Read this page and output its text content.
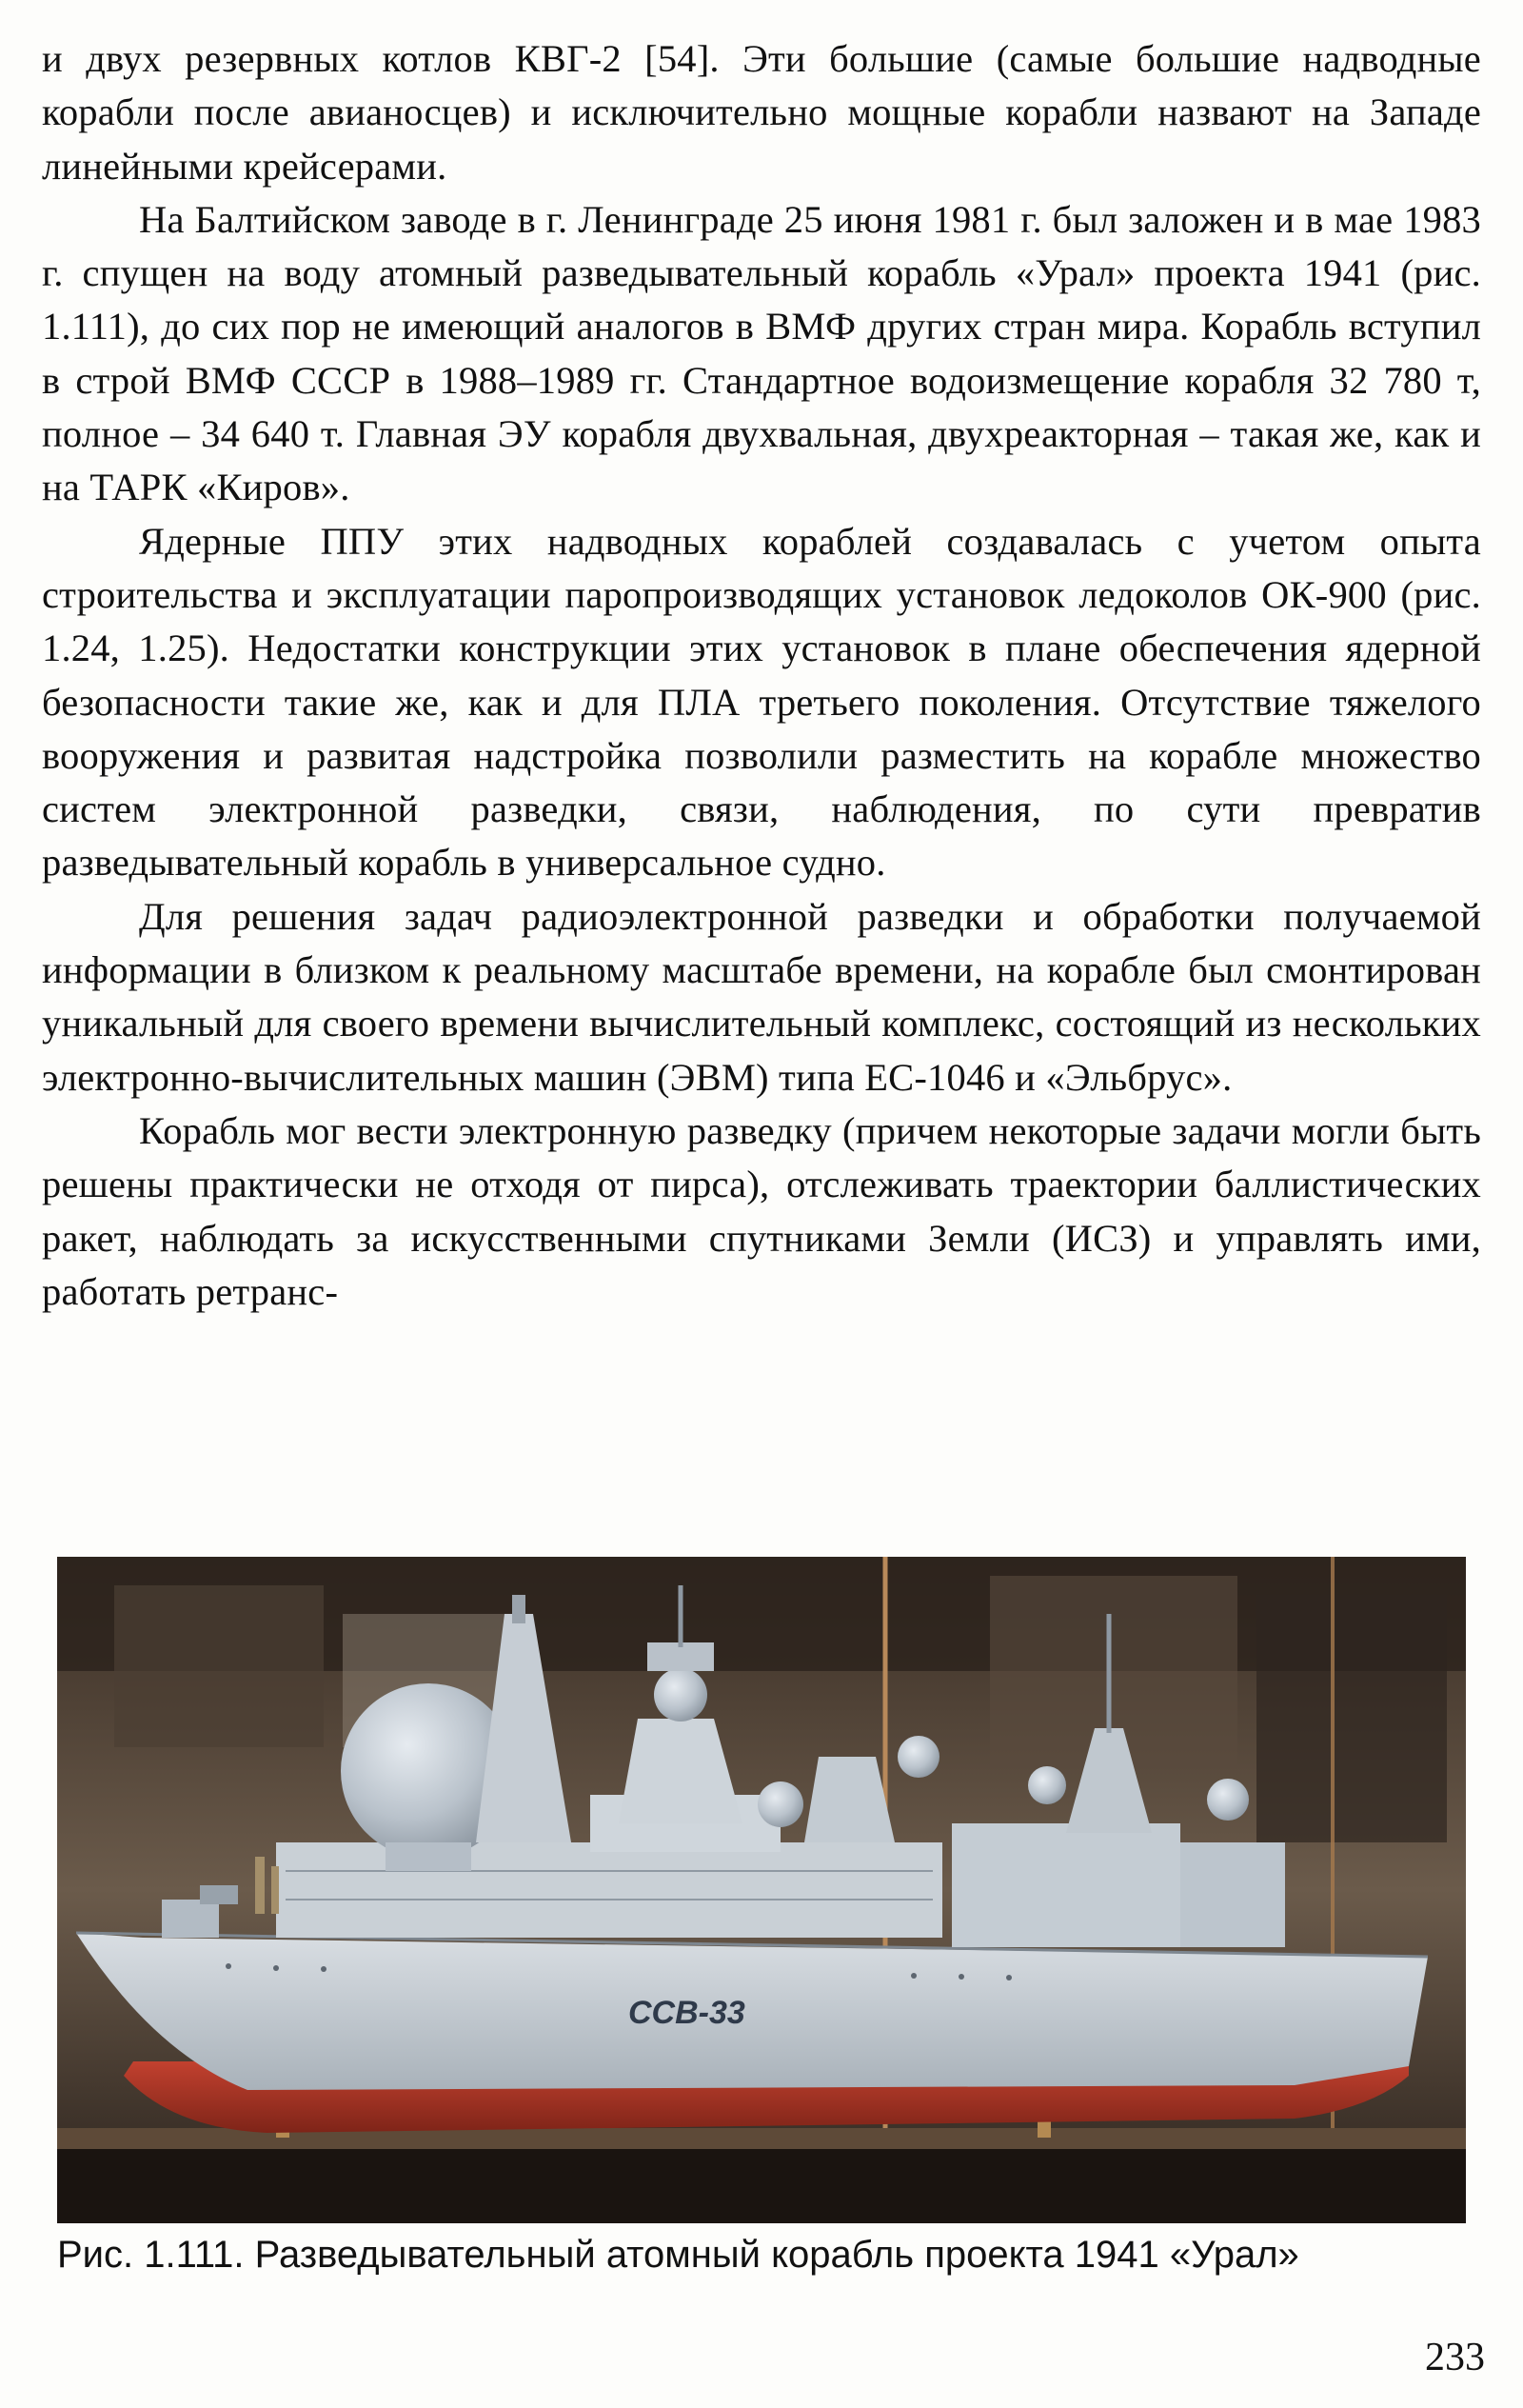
и двух резервных котлов КВГ-2 [54]. Эти большие (самые большие надводные корабли после авианосцев) и исключительно мощные корабли назвают на Западе линейными крейсерами.

На Балтийском заводе в г. Ленинграде 25 июня 1981 г. был заложен и в мае 1983 г. спущен на воду атомный разведывательный корабль «Урал» проекта 1941 (рис. 1.111), до сих пор не имеющий аналогов в ВМФ других стран мира. Корабль вступил в строй ВМФ СССР в 1988–1989 гг. Стандартное водоизмещение корабля 32 780 т, полное – 34 640 т. Главная ЭУ корабля двухвальная, двухреакторная – такая же, как и на ТАРК «Киров».

Ядерные ППУ этих надводных кораблей создавалась с учетом опыта строительства и эксплуатации паропроизводящих установок ледоколов ОК-900 (рис. 1.24, 1.25). Недостатки конструкции этих установок в плане обеспечения ядерной безопасности такие же, как и для ПЛА третьего поколения. Отсутствие тяжелого вооружения и развитая надстройка позволили разместить на корабле множество систем электронной разведки, связи, наблюдения, по сути превратив разведывательный корабль в универсальное судно.

Для решения задач радиоэлектронной разведки и обработки получаемой информации в близком к реальному масштабе времени, на корабле был смонтирован уникальный для своего времени вычислительный комплекс, состоящий из нескольких электронно-вычислительных машин (ЭВМ) типа ЕС-1046 и «Эльбрус».

Корабль мог вести электронную разведку (причем некоторые задачи могли быть решены практически не отходя от пирса), отслеживать траектории баллистических ракет, наблюдать за искусственными спутниками Земли (ИСЗ) и управлять ими, работать ретранс-

ССВ-33
Рис. 1.111. Разведывательный атомный корабль проекта 1941 «Урал»
233
